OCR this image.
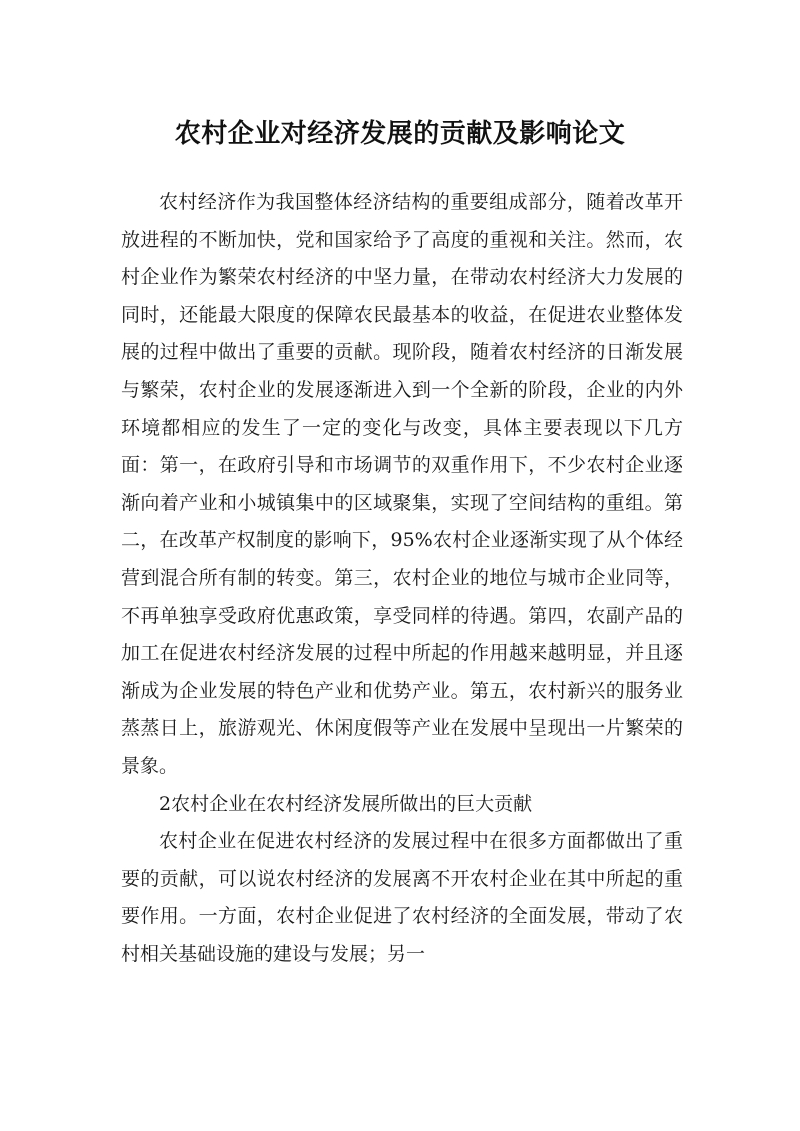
农村企业对经济发展的贡献及影响论文

农村经济作为我国整体经济结构的重要组成部分，随着改革开放进程的不断加快，党和国家给予了高度的重视和关注。然而，农村企业作为繁荣农村经济的中坚力量，在带动农村经济大力发展的同时，还能最大限度的保障农民最基本的收益，在促进农业整体发展的过程中做出了重要的贡献。现阶段，随着农村经济的日渐发展与繁荣，农村企业的发展逐渐进入到一个全新的阶段，企业的内外环境都相应的发生了一定的变化与改变，具体主要表现以下几方面：第一，在政府引导和市场调节的双重作用下，不少农村企业逐渐向着产业和小城镇集中的区域聚集，实现了空间结构的重组。第二，在改革产权制度的影响下，95%农村企业逐渐实现了从个体经营到混合所有制的转变。第三，农村企业的地位与城市企业同等，不再单独享受政府优惠政策，享受同样的待遇。第四，农副产品的加工在促进农村经济发展的过程中所起的作用越来越明显，并且逐渐成为企业发展的特色产业和优势产业。第五，农村新兴的服务业蒸蒸日上，旅游观光、休闲度假等产业在发展中呈现出一片繁荣的景象。

2农村企业在农村经济发展所做出的巨大贡献

农村企业在促进农村经济的发展过程中在很多方面都做出了重要的贡献，可以说农村经济的发展离不开农村企业在其中所起的重要作用。一方面，农村企业促进了农村经济的全面发展，带动了农村相关基础设施的建设与发展；另一
